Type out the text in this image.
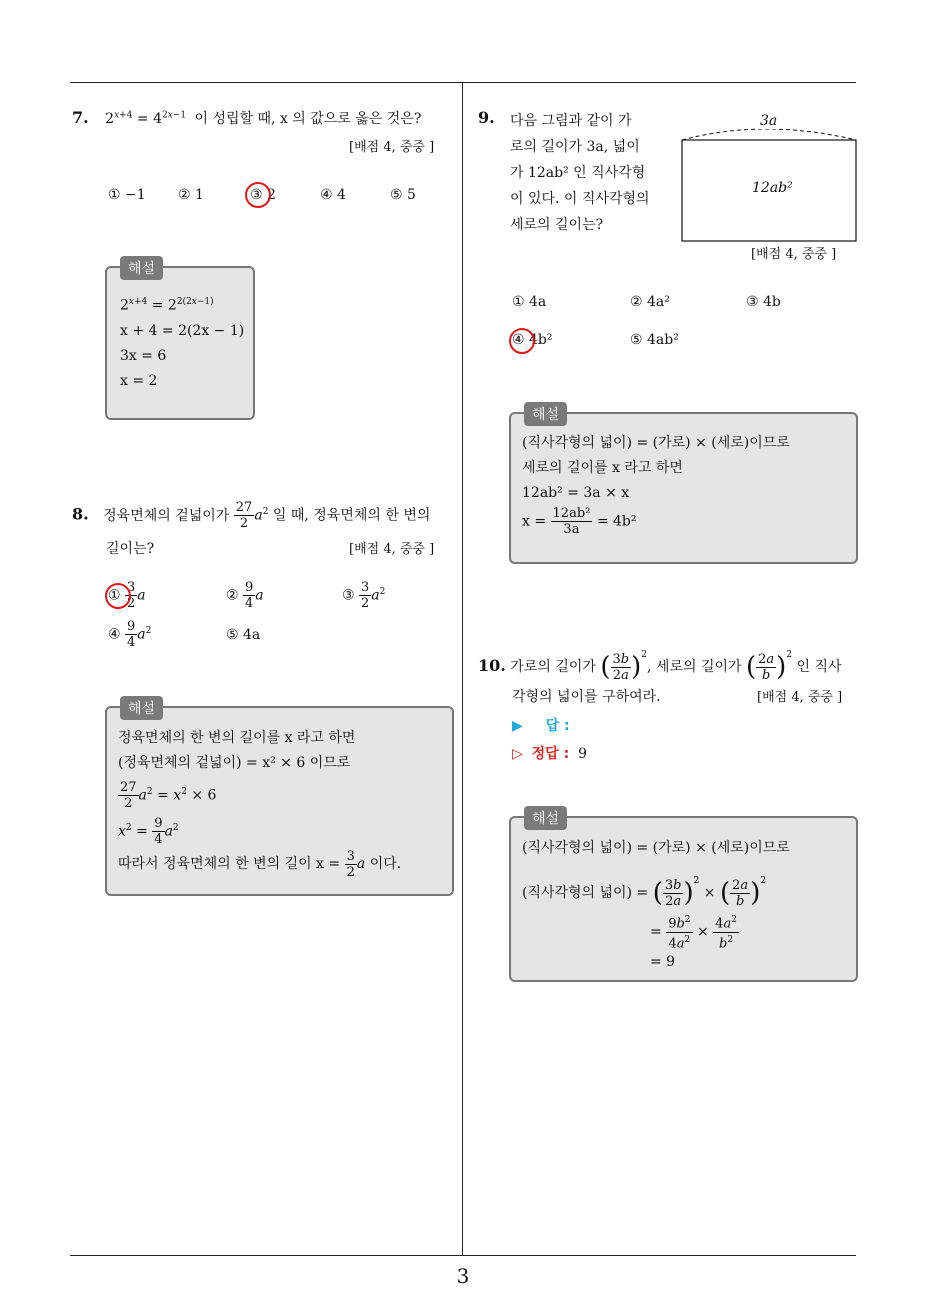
3
7. $2^{x+4} = 4^{2x-1}$ 이 성립할 때, x 의 값으로 옳은 것은?
[배점 4, 중중 ]
① −1 ② 1	③ 2	④ 4	⑤ 5
해설
$2^{x+4} = 2^{2(2x-1)}$
x + 4 = 2(2x − 1)
3x = 6
x = 2
8. 정육면체의 겉넓이가 $\frac{27}{2} a^2$ 일 때, 정육면체의 한 변의
길이는?	[배점 4, 중중 ]
① $\frac{3}{2}$ a	② $\frac{9}{4}$ a	③ $\frac{3}{2} a^2$
④ $\frac{9}{4} a^2$	⑤ 4a
해설
정육면체의 한 변의 길이를 x 라고 하면
(정육면체의 겉넓이) = x² × 6 이므로
$\frac{27}{2} a^2 = x^2 \times 6$
$x^2 = \frac{9}{4} a^2$
따라서 정육면체의 한 변의 길이 $x = \frac{3}{2}$ a 이다.
9. 다음 그림과 같이 가
로의 길이가 3a, 넓이
가 12ab² 인 직사각형
이 있다. 이 직사각형의
세로의 길이는?
3a
12ab²
[배점 4, 중중 ]
① 4a	② 4a²	③ 4b
④ 4b²	⑤ 4ab²
해설
(직사각형의 넓이) = (가로) × (세로)이므로
세로의 길이를 x 라고 하면
12ab² = 3a × x
$x = \frac{\text{12ab²}}{3a} = 4b^2$
10. 가로의 길이가 ( $\frac{3b}{2a} )^2$, 세로의 길이가 ( $\frac{2a}{b} )^2$ 인 직사
각형의 넓이를 구하여라.	[배점 4, 중중 ]
▶ 답 :
▷ 정답 : 9
해설
(직사각형의 넓이) = (가로) × (세로)이므로
(직사각형의 넓이) = ( $\frac{3b}{2a} )^2$ × ( $\frac{2a}{b} )^2$
= $\frac{9b^2}{4a^2} \times \frac{4a^2}{b^2}$
= 9
